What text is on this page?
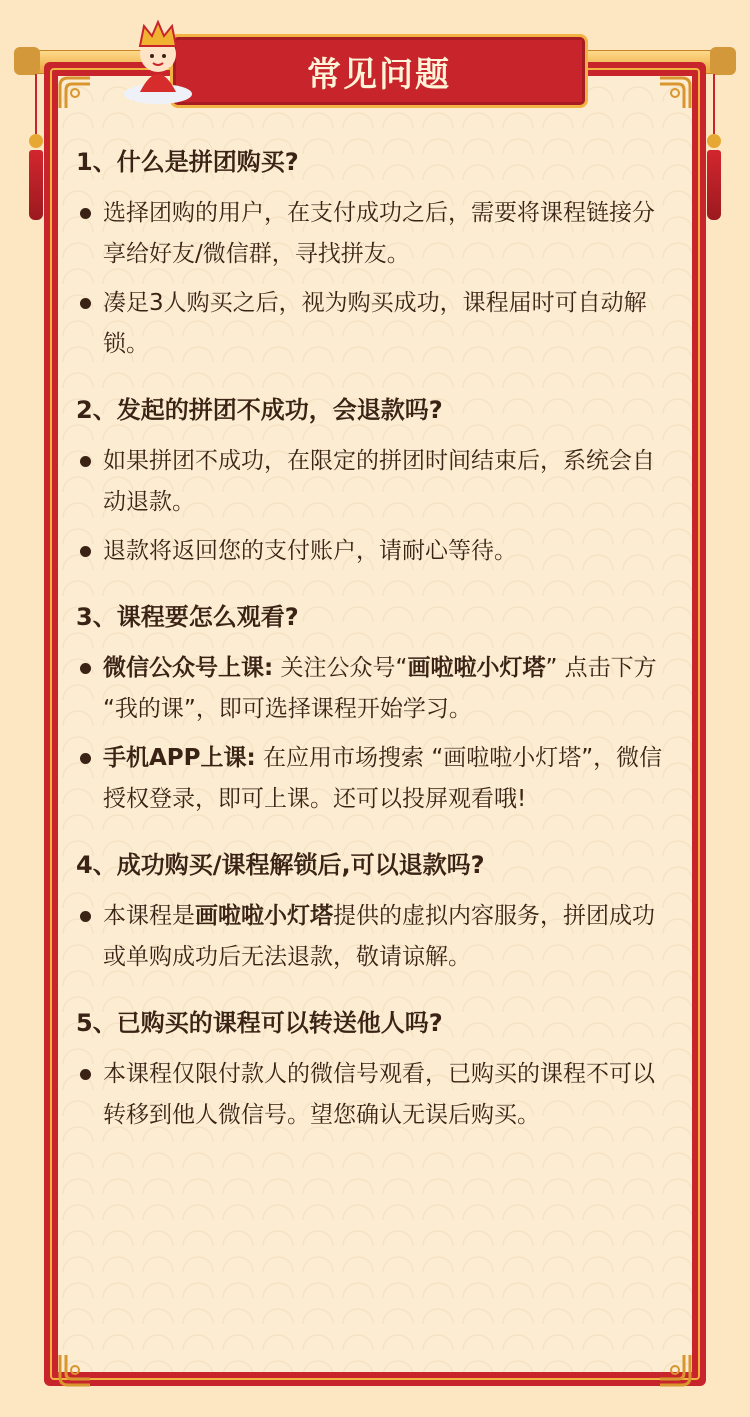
常见问题
1、什么是拼团购买?
选择团购的用户，在支付成功之后，需要将课程链接分享给好友/微信群，寻找拼友。
凑足3人购买之后，视为购买成功，课程届时可自动解锁。
2、发起的拼团不成功，会退款吗?
如果拼团不成功，在限定的拼团时间结束后，系统会自动退款。
退款将返回您的支付账户，请耐心等待。
3、课程要怎么观看?
微信公众号上课: 关注公众号“画啦啦小灯塔” 点击下方 “我的课”，即可选择课程开始学习。
手机APP上课: 在应用市场搜索 “画啦啦小灯塔”，微信授权登录，即可上课。还可以投屏观看哦!
4、成功购买/课程解锁后,可以退款吗?
本课程是画啦啦小灯塔提供的虚拟内容服务，拼团成功或单购成功后无法退款，敬请谅解。
5、已购买的课程可以转送他人吗?
本课程仅限付款人的微信号观看，已购买的课程不可以转移到他人微信号。望您确认无误后购买。
